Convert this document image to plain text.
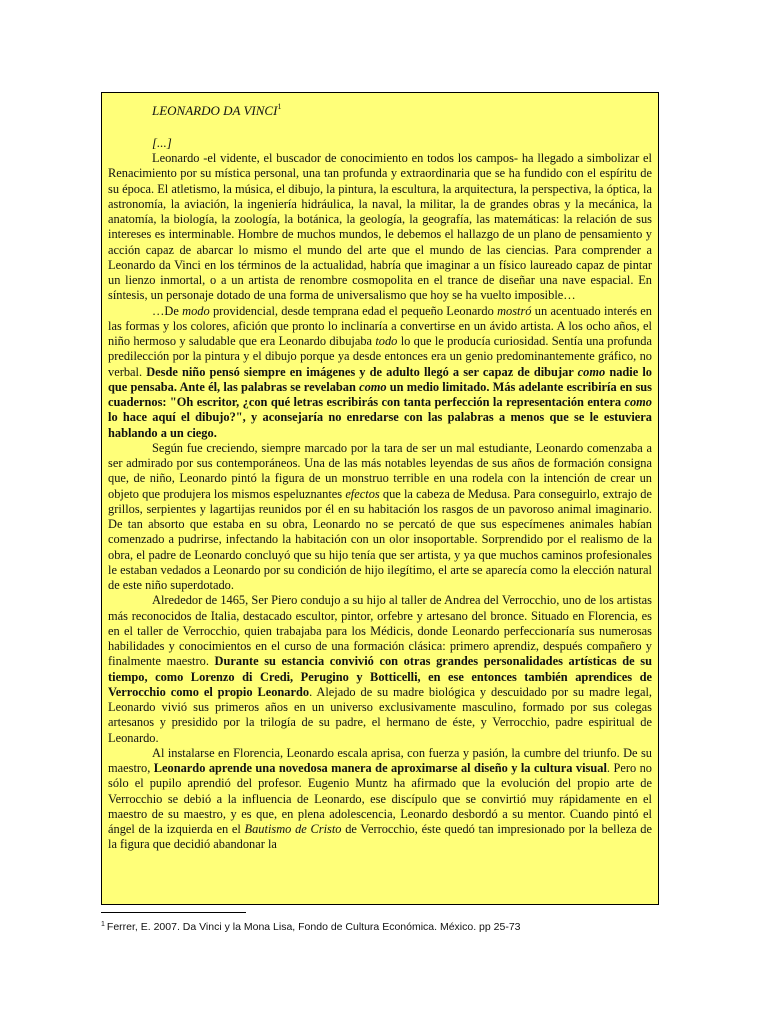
LEONARDO DA VINCI$^1$

[...]

Leonardo -el vidente, el buscador de conocimiento en todos los campos- ha llegado a simbolizar el Renacimiento por su mística personal, una tan profunda y extraordinaria que se ha fundido con el espíritu de su época. El atletismo, la música, el dibujo, la pintura, la escultura, la arquitectura, la perspectiva, la óptica, la astronomía, la aviación, la ingeniería hidráulica, la naval, la militar, la de grandes obras y la mecánica, la anatomía, la biología, la zoología, la botánica, la geología, la geografía, las matemáticas: la relación de sus intereses es interminable. Hombre de muchos mundos, le debemos el hallazgo de un plano de pensamiento y acción capaz de abarcar lo mismo el mundo del arte que el mundo de las ciencias. Para comprender a Leonardo da Vinci en los términos de la actualidad, habría que imaginar a un físico laureado capaz de pintar un lienzo inmortal, o a un artista de renombre cosmopolita en el trance de diseñar una nave espacial. En síntesis, un personaje dotado de una forma de universalismo que hoy se ha vuelto imposible…

…De modo providencial, desde temprana edad el pequeño Leonardo mostró un acentuado interés en las formas y los colores, afición que pronto lo inclinaría a convertirse en un ávido artista. A los ocho años, el niño hermoso y saludable que era Leonardo dibujaba todo lo que le producía curiosidad. Sentía una profunda predilección por la pintura y el dibujo porque ya desde entonces era un genio predominantemente gráfico, no verbal. Desde niño pensó siempre en imágenes y de adulto llegó a ser capaz de dibujar como nadie lo que pensaba. Ante él, las palabras se revelaban como un medio limitado. Más adelante escribiría en sus cuadernos: "Oh escritor, ¿con qué letras escribirás con tanta perfección la representación entera como lo hace aquí el dibujo?", y aconsejaría no enredarse con las palabras a menos que se le estuviera hablando a un ciego.

Según fue creciendo, siempre marcado por la tara de ser un mal estudiante, Leonardo comenzaba a ser admirado por sus contemporáneos. Una de las más notables leyendas de sus años de formación consigna que, de niño, Leonardo pintó la figura de un monstruo terrible en una rodela con la intención de crear un objeto que produjera los mismos espeluznantes efectos que la cabeza de Medusa. Para conseguirlo, extrajo de grillos, serpientes y lagartijas reunidos por él en su habitación los rasgos de un pavoroso animal imaginario. De tan absorto que estaba en su obra, Leonardo no se percató de que sus especímenes animales habían comenzado a pudrirse, infectando la habitación con un olor insoportable. Sorprendido por el realismo de la obra, el padre de Leonardo concluyó que su hijo tenía que ser artista, y ya que muchos caminos profesionales le estaban vedados a Leonardo por su condición de hijo ilegítimo, el arte se aparecía como la elección natural de este niño superdotado.

Alrededor de 1465, Ser Piero condujo a su hijo al taller de Andrea del Verrocchio, uno de los artistas más reconocidos de Italia, destacado escultor, pintor, orfebre y artesano del bronce. Situado en Florencia, es en el taller de Verrocchio, quien trabajaba para los Médicis, donde Leonardo perfeccionaría sus numerosas habilidades y conocimientos en el curso de una formación clásica: primero aprendiz, después compañero y finalmente maestro. Durante su estancia convivió con otras grandes personalidades artísticas de su tiempo, como Lorenzo di Credi, Perugino y Botticelli, en ese entonces también aprendices de Verrocchio como el propio Leonardo. Alejado de su madre biológica y descuidado por su madre legal, Leonardo vivió sus primeros años en un universo exclusivamente masculino, formado por sus colegas artesanos y presidido por la trilogía de su padre, el hermano de éste, y Verrocchio, padre espiritual de Leonardo.

Al instalarse en Florencia, Leonardo escala aprisa, con fuerza y pasión, la cumbre del triunfo. De su maestro, Leonardo aprende una novedosa manera de aproximarse al diseño y la cultura visual. Pero no sólo el pupilo aprendió del profesor. Eugenio Muntz ha afirmado que la evolución del propio arte de Verrocchio se debió a la influencia de Leonardo, ese discípulo que se convirtió muy rápidamente en el maestro de su maestro, y es que, en plena adolescencia, Leonardo desbordó a su mentor. Cuando pintó el ángel de la izquierda en el Bautismo de Cristo de Verrocchio, éste quedó tan impresionado por la belleza de la figura que decidió abandonar la

$^1$ Ferrer, E. 2007. Da Vinci y la Mona Lisa, Fondo de Cultura Económica. México. pp 25-73
